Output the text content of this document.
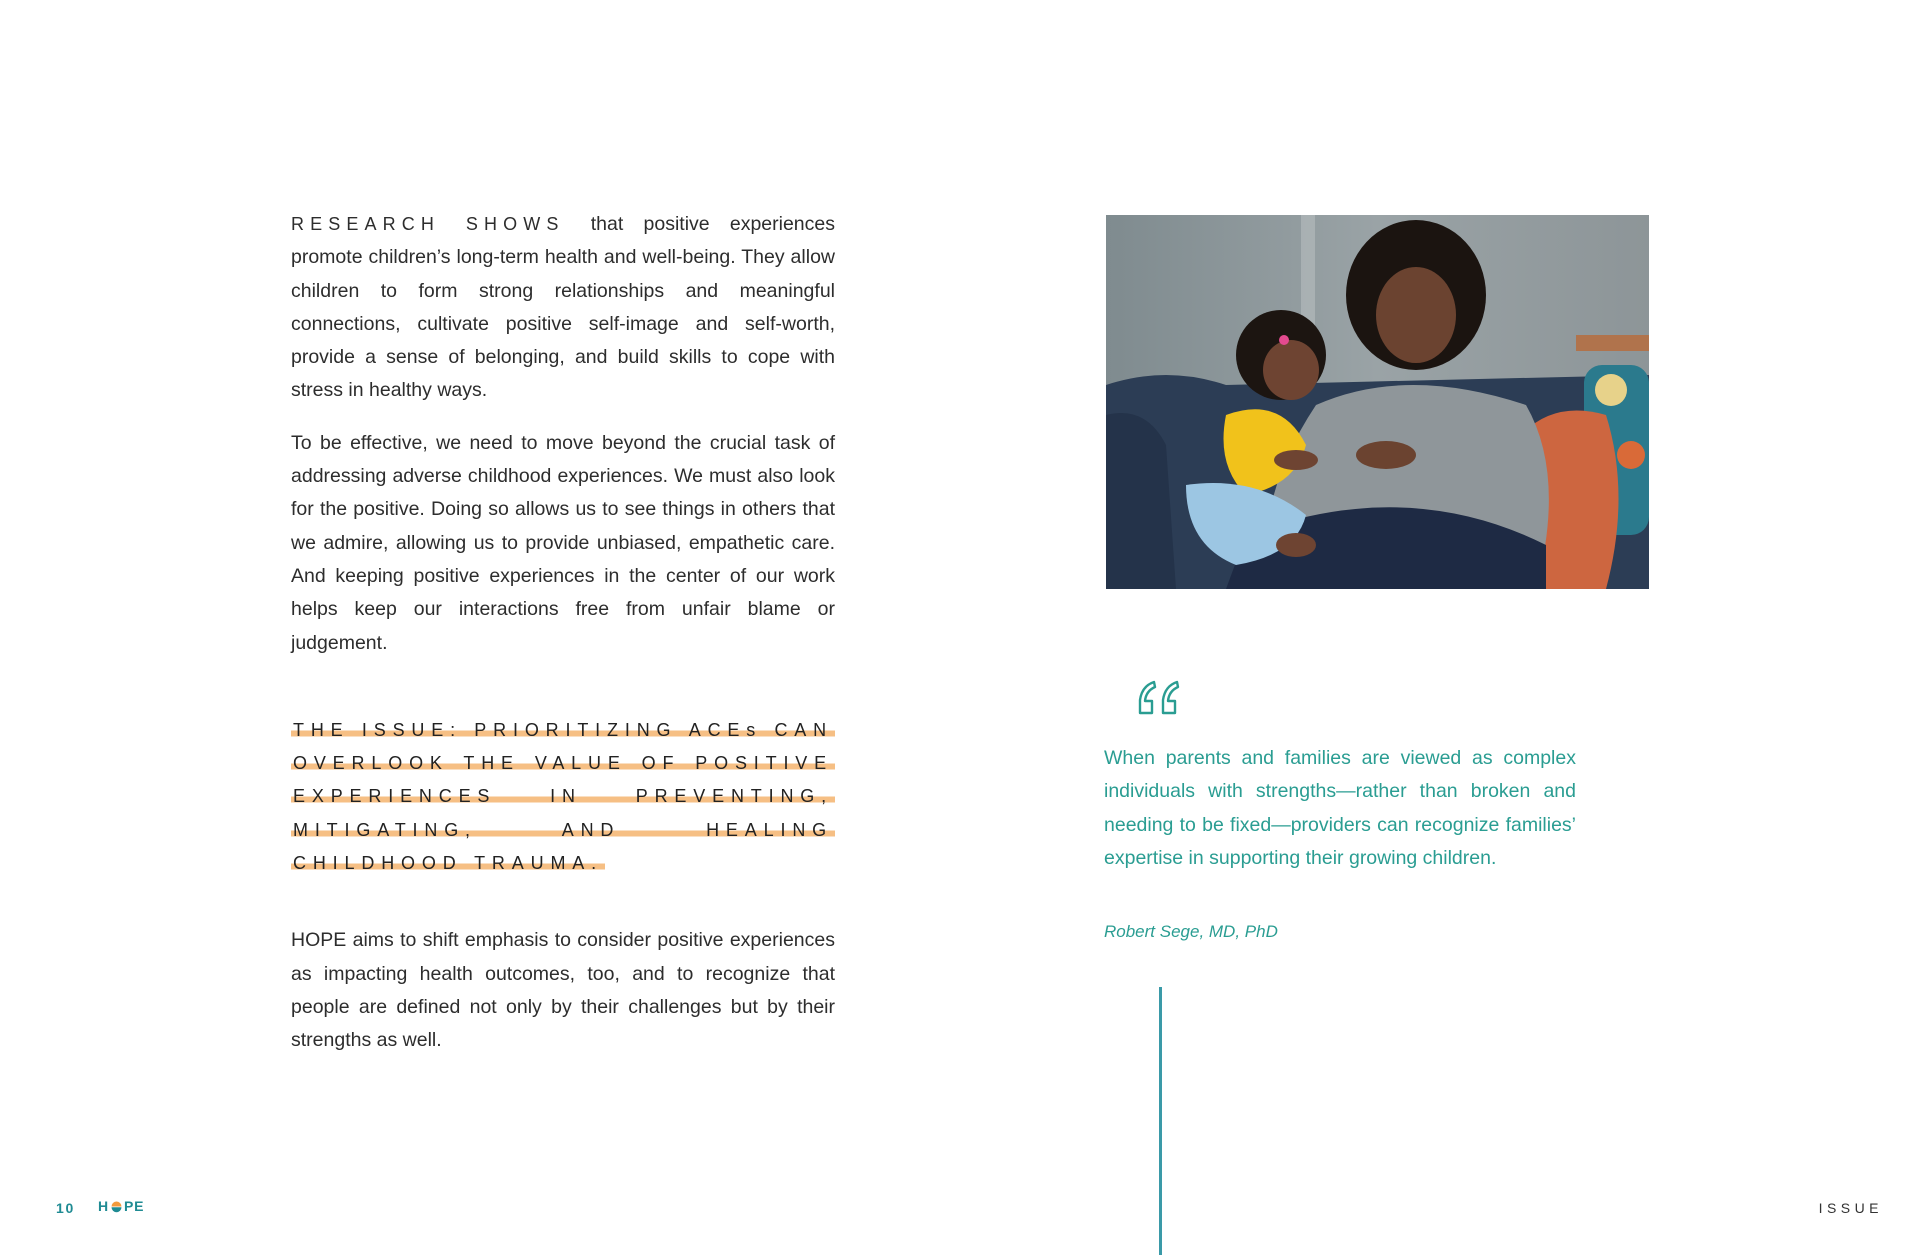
RESEARCH SHOWS that positive experiences promote children’s long-term health and well-being. They allow children to form strong relationships and meaningful connections, cultivate positive self-image and self-worth, provide a sense of belonging, and build skills to cope with stress in healthy ways.

To be effective, we need to move beyond the crucial task of addressing adverse childhood experiences. We must also look for the positive. Doing so allows us to see things in others that we admire, allowing us to provide unbiased, empathetic care. And keeping positive experiences in the center of our work helps keep our interactions free from unfair blame or judgement.

THE ISSUE: PRIORITIZING ACEs CAN OVERLOOK THE VALUE OF POSITIVE EXPERIENCES IN PREVENTING, MITIGATING, AND HEALING CHILDHOOD TRAUMA.

HOPE aims to shift emphasis to consider positive experiences as impacting health outcomes, too, and to recognize that people are defined not only by their challenges but by their strengths as well.

When parents and families are viewed as complex individuals with strengths—rather than broken and needing to be fixed—providers can recognize families’ expertise in supporting their growing children.

Robert Sege, MD, PhD

10 H PE	ISSUE
